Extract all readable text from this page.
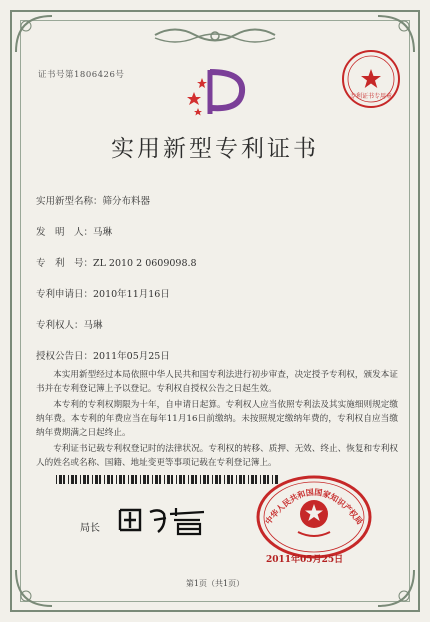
证书号第1806426号
专利证书专用章
实用新型专利证书
实用新型名称：筛分布料器
发　明　人：马琳
专　利　号：ZL 2010 2 0609098.8
专利申请日：2010年11月16日
专利权人：马琳
授权公告日：2011年05月25日
本实用新型经过本局依照中华人民共和国专利法进行初步审查，决定授予专利权，颁发本证书并在专利登记簿上予以登记。专利权自授权公告之日起生效。
本专利的专利权期限为十年，自申请日起算。专利权人应当依照专利法及其实施细则规定缴纳年费。本专利的年费应当在每年11月16日前缴纳。未按照规定缴纳年费的，专利权自应当缴纳年费期满之日起终止。
专利证书记载专利权登记时的法律状况。专利权的转移、质押、无效、终止、恢复和专利权人的姓名或名称、国籍、地址变更等事项记载在专利登记簿上。
局长
中华人民共和国国家知识产权局
2011年05月25日
第1页（共1页）
